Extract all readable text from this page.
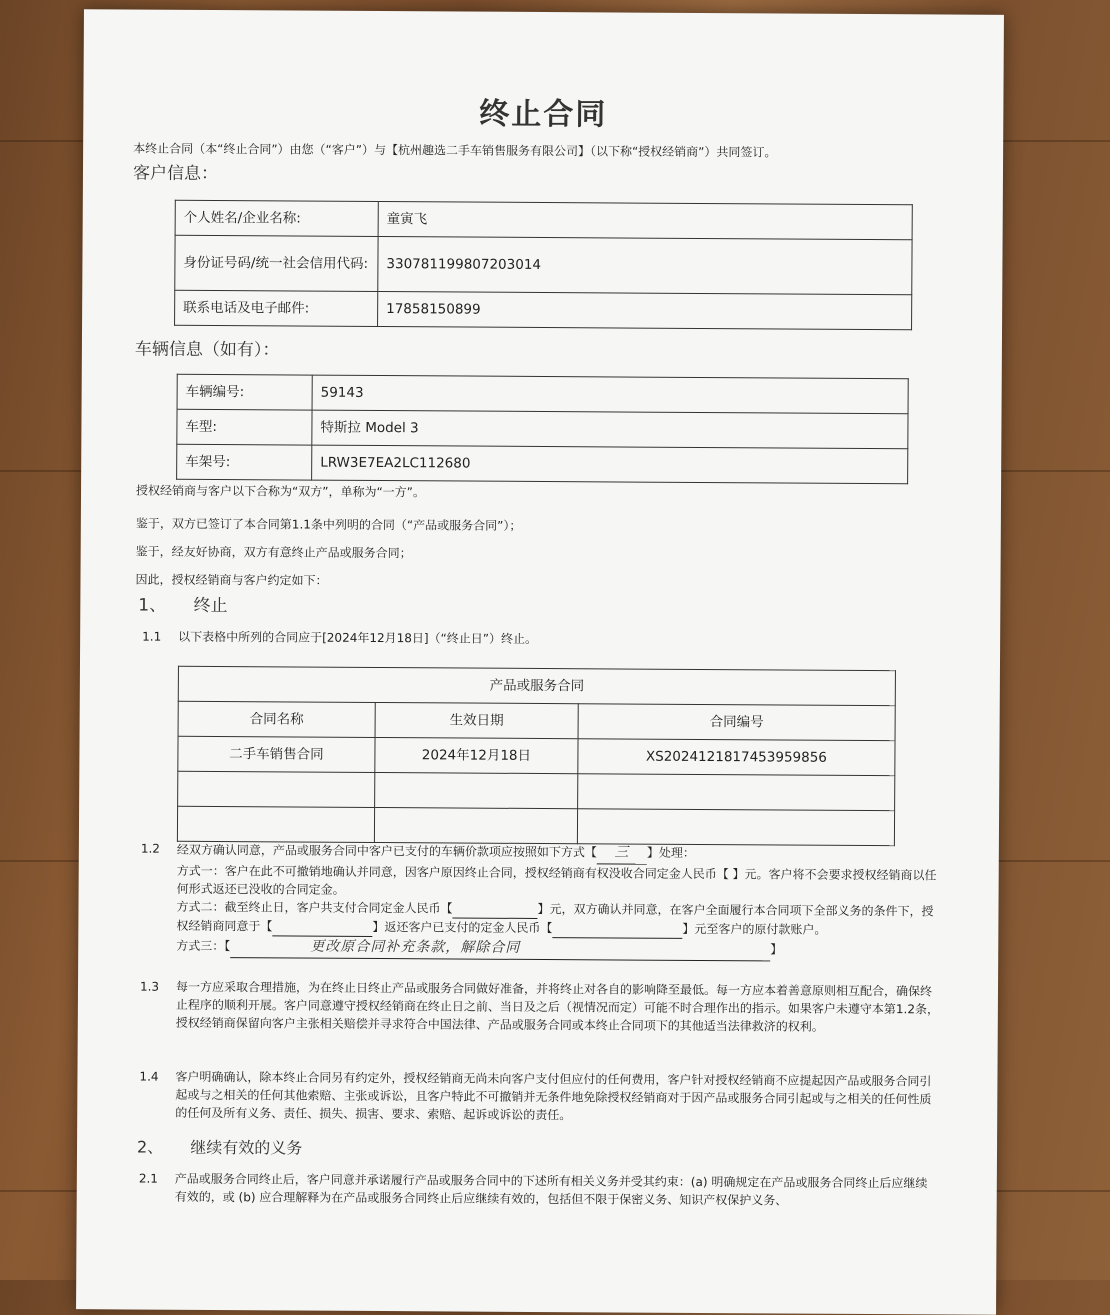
终止合同
本终止合同（本“终止合同”）由您（“客户”）与【杭州趣选二手车销售服务有限公司】（以下称“授权经销商”）共同签订。
客户信息：
个人姓名/企业名称:	童寅飞
身份证号码/统一社会信用代码:	330781199807203014
联系电话及电子邮件:	17858150899
车辆信息（如有）：
车辆编号:	59143
车型:	特斯拉 Model 3
车架号:	LRW3E7EA2LC112680
授权经销商与客户以下合称为“双方”，单称为“一方”。
鉴于，双方已签订了本合同第1.1条中列明的合同（“产品或服务合同”）；
鉴于，经友好协商，双方有意终止产品或服务合同；
因此，授权经销商与客户约定如下：
1、 终止
1.1 以下表格中所列的合同应于[2024年12月18日]（“终止日”）终止。
产品或服务合同		
合同名称	生效日期	合同编号
二手车销售合同	2024年12月18日	XS2024121817453959856

1.2 经双方确认同意，产品或服务合同中客户已支付的车辆价款项应按照如下方式【 三 】处理：
方式一：客户在此不可撤销地确认并同意，因客户原因终止合同，授权经销商有权没收合同定金人民币【 】元。客户将不会要求授权经销商以任何形式返还已没收的合同定金。
方式二：截至终止日，客户共支付合同定金人民币【	】元，双方确认并同意，在客户全面履行本合同项下全部义务的条件下，授权经销商同意于【	】返还客户已支付的定金人民币【	】元至客户的原付款账户。
方式三：【	更改原合同补充条款，解除合同	】
1.3 每一方应采取合理措施，为在终止日终止产品或服务合同做好准备，并将终止对各自的影响降至最低。每一方应本着善意原则相互配合，确保终止程序的顺利开展。客户同意遵守授权经销商在终止日之前、当日及之后（视情况而定）可能不时合理作出的指示。如果客户未遵守本第1.2条，授权经销商保留向客户主张相关赔偿并寻求符合中国法律、产品或服务合同或本终止合同项下的其他适当法律救济的权利。
1.4 客户明确确认，除本终止合同另有约定外，授权经销商无尚未向客户支付但应付的任何费用，客户针对授权经销商不应提起因产品或服务合同引起或与之相关的任何其他索赔、主张或诉讼，且客户特此不可撤销并无条件地免除授权经销商对于因产品或服务合同引起或与之相关的任何性质的任何及所有义务、责任、损失、损害、要求、索赔、起诉或诉讼的责任。
2、 继续有效的义务
2.1 产品或服务合同终止后，客户同意并承诺履行产品或服务合同中的下述所有相关义务并受其约束：(a) 明确规定在产品或服务合同终止后应继续有效的，或 (b) 应合理解释为在产品或服务合同终止后应继续有效的，包括但不限于保密义务、知识产权保护义务、
